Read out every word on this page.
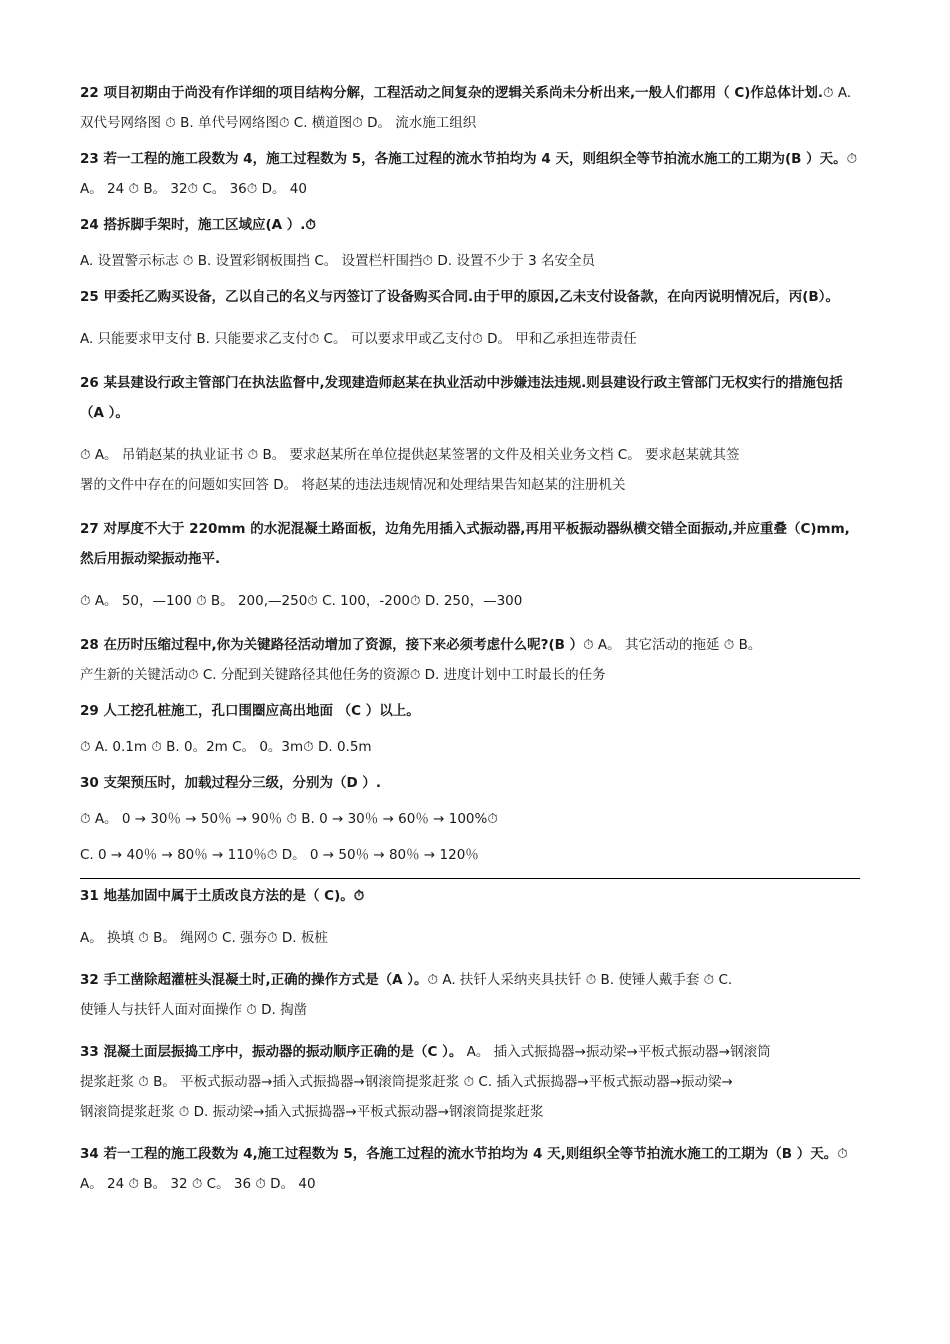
22 项目初期由于尚没有作详细的项目结构分解，工程活动之间复杂的逻辑关系尚未分析出来,一般人们都用（ C)作总体计划.⏱ A. 双代号网络图 ⏱ B. 单代号网络图⏱ C. 横道图⏱ D。 流水施工组织

23 若一工程的施工段数为 4，施工过程数为 5，各施工过程的流水节拍均为 4 天，则组织全等节拍流水施工的工期为(B ）天。⏱ A。 24 ⏱ B。 32⏱ C。 36⏱ D。 40

24 搭拆脚手架时，施工区域应(A ）.⏱

A. 设置警示标志 ⏱ B. 设置彩钢板围挡 C。 设置栏杆围挡⏱ D. 设置不少于 3 名安全员

25 甲委托乙购买设备，乙以自己的名义与丙签订了设备购买合同.由于甲的原因,乙未支付设备款，在向丙说明情况后，丙(B）。

A. 只能要求甲支付 B. 只能要求乙支付⏱ C。 可以要求甲或乙支付⏱ D。 甲和乙承担连带责任

26 某县建设行政主管部门在执法监督中,发现建造师赵某在执业活动中涉嫌违法违规.则县建设行政主管部门无权实行的措施包括（A ）。

⏱ A。 吊销赵某的执业证书 ⏱ B。 要求赵某所在单位提供赵某签署的文件及相关业务文档 C。 要求赵某就其签

署的文件中存在的问题如实回答 D。 将赵某的违法违规情况和处理结果告知赵某的注册机关

27 对厚度不大于 220mm 的水泥混凝土路面板，边角先用插入式振动器,再用平板振动器纵横交错全面振动,并应重叠（C)mm,然后用振动梁振动拖平.

⏱ A。 50，—100 ⏱ B。 200,—250⏱ C. 100，-200⏱ D. 250，—300

28 在历时压缩过程中,你为关键路径活动增加了资源，接下来必须考虑什么呢?(B ）⏱ A。 其它活动的拖延 ⏱ B。

产生新的关键活动⏱ C. 分配到关键路径其他任务的资源⏱ D. 进度计划中工时最长的任务

29 人工挖孔桩施工，孔口围圈应高出地面 （C ）以上。

⏱ A. 0.1m ⏱ B. 0。2m C。 0。3m⏱ D. 0.5m

30 支架预压时，加载过程分三级，分别为（D ）.

⏱ A。 0 → 30％ → 50％ → 90％ ⏱ B. 0 → 30％ → 60％ → 100%⏱

C. 0 → 40％ → 80％ → 110％⏱ D。 0 → 50％ → 80％ → 120％

31 地基加固中属于土质改良方法的是（ C)。⏱

A。 换填 ⏱ B。 绳网⏱ C. 强夯⏱ D. 板桩

32 手工凿除超灌桩头混凝土时,正确的操作方式是（A ）。⏱ A. 扶钎人采纳夹具扶钎 ⏱ B. 使锤人戴手套 ⏱ C.

使锤人与扶钎人面对面操作 ⏱ D. 掏凿

33 混凝土面层振捣工序中，振动器的振动顺序正确的是（C ）。 A。 插入式振捣器→振动梁→平板式振动器→钢滚筒

提浆赶浆 ⏱ B。 平板式振动器→插入式振捣器→钢滚筒提浆赶浆 ⏱ C. 插入式振捣器→平板式振动器→振动梁→

钢滚筒提浆赶浆 ⏱ D. 振动梁→插入式振捣器→平板式振动器→钢滚筒提浆赶浆

34 若一工程的施工段数为 4,施工过程数为 5，各施工过程的流水节拍均为 4 天,则组织全等节拍流水施工的工期为（B ）天。⏱ A。 24 ⏱ B。 32 ⏱ C。 36 ⏱ D。 40
